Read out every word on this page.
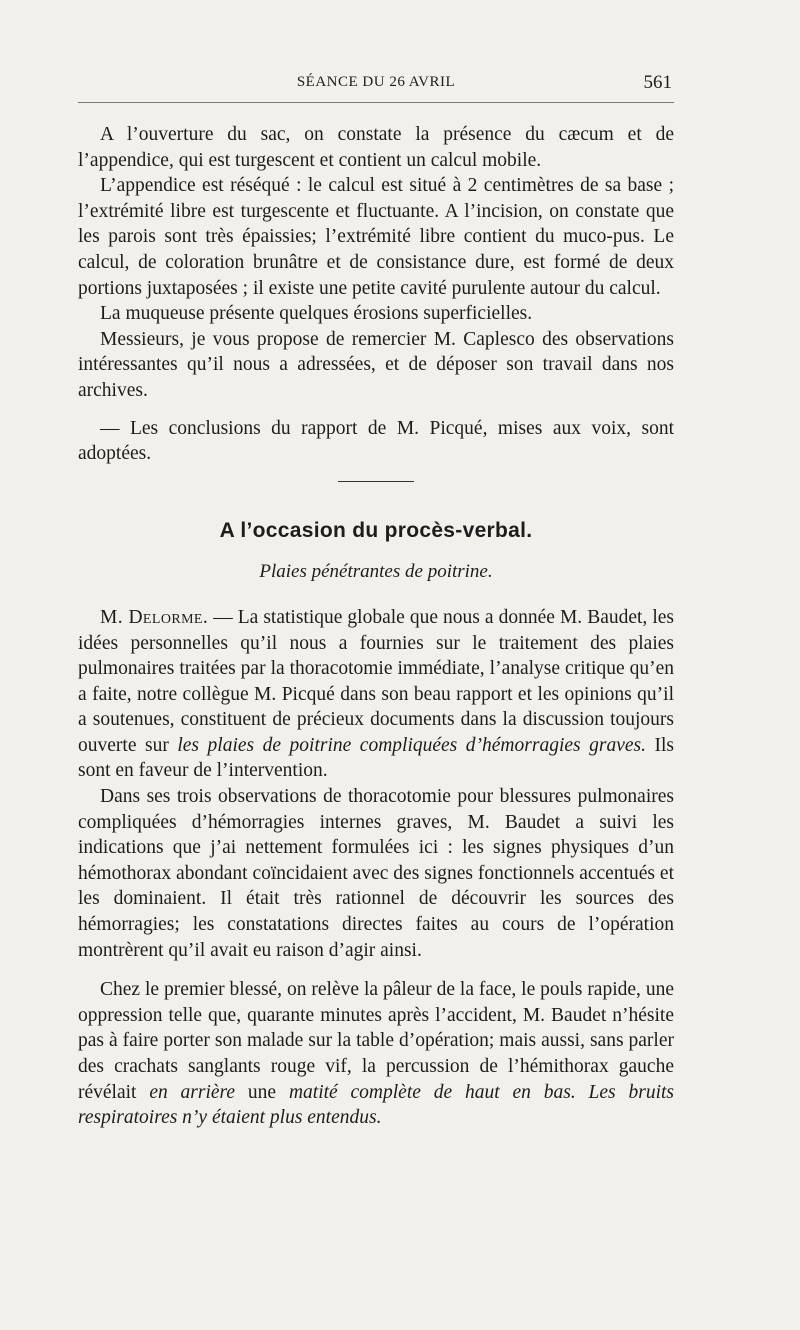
SÉANCE DU 26 AVRIL	561

A l’ouverture du sac, on constate la présence du cæcum et de l’appendice, qui est turgescent et contient un calcul mobile.

L’appendice est réséqué : le calcul est situé à 2 centimètres de sa base ; l’extrémité libre est turgescente et fluctuante. A l’incision, on constate que les parois sont très épaissies; l’extrémité libre contient du muco-pus. Le calcul, de coloration brunâtre et de consistance dure, est formé de deux portions juxtaposées ; il existe une petite cavité purulente autour du calcul.

La muqueuse présente quelques érosions superficielles.

Messieurs, je vous propose de remercier M. Caplesco des observations intéressantes qu’il nous a adressées, et de déposer son travail dans nos archives.

— Les conclusions du rapport de M. Picqué, mises aux voix, sont adoptées.

A l’occasion du procès-verbal.
Plaies pénétrantes de poitrine.

M. Delorme. — La statistique globale que nous a donnée M. Baudet, les idées personnelles qu’il nous a fournies sur le traitement des plaies pulmonaires traitées par la thoracotomie immédiate, l’analyse critique qu’en a faite, notre collègue M. Picqué dans son beau rapport et les opinions qu’il a soutenues, constituent de précieux documents dans la discussion toujours ouverte sur les plaies de poitrine compliquées d’hémorragies graves. Ils sont en faveur de l’intervention.

Dans ses trois observations de thoracotomie pour blessures pulmonaires compliquées d’hémorragies internes graves, M. Baudet a suivi les indications que j’ai nettement formulées ici : les signes physiques d’un hémothorax abondant coïncidaient avec des signes fonctionnels accentués et les dominaient. Il était très rationnel de découvrir les sources des hémorragies; les constatations directes faites au cours de l’opération montrèrent qu’il avait eu raison d’agir ainsi.

Chez le premier blessé, on relève la pâleur de la face, le pouls rapide, une oppression telle que, quarante minutes après l’accident, M. Baudet n’hésite pas à faire porter son malade sur la table d’opération; mais aussi, sans parler des crachats sanglants rouge vif, la percussion de l’hémithorax gauche révélait en arrière une matité complète de haut en bas. Les bruits respiratoires n’y étaient plus entendus.
